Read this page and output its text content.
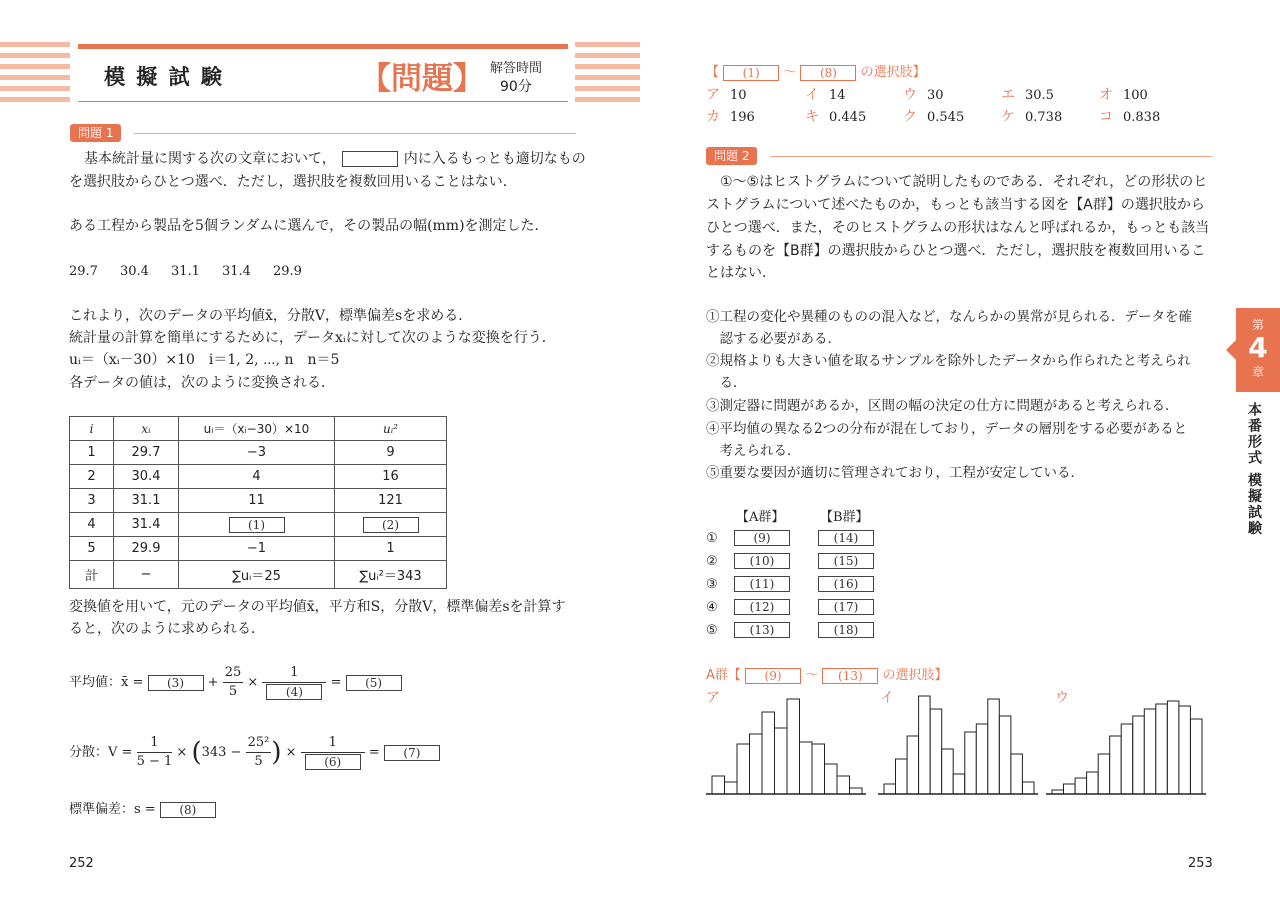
模 擬 試 験	【問題】 解答時間
90分
問題 1
基本統計量に関する次の文章において，	内に入るもっとも適切なもの
を選択肢からひとつ選べ．ただし，選択肢を複数回用いることはない．
ある工程から製品を5個ランダムに選んで，その製品の幅(mm)を測定した．
29.7 30.4 31.1 31.4 29.9
これより，次のデータの平均値x̄，分散V，標準偏差sを求める．
統計量の計算を簡単にするために，データxᵢに対して次のような変換を行う．
uᵢ＝（xᵢ－30）×10　i＝1, 2, ⋯, n　n＝5
各データの値は，次のように変換される．
i	xᵢ	uᵢ＝（xᵢ−30）×10	uᵢ²
1	29.7	−3	9
2	30.4	4	16
3	31.1	11	121
4	31.4	(1)	(2)
5	29.9	−1	1
計	−	∑uᵢ＝25	∑uᵢ²＝343
変換値を用いて，元のデータの平均値x̄，平方和S，分散V，標準偏差sを計算す
ると，次のように求められる．
平均値：x̄ = $(3) + \frac{25}{5} \times \frac{1}{(4)} = (5)$
分散：$V = \frac{1}{5 - 1} \times (343 - \frac{\text{25²}}{5}$ ) × $\frac{1}{(6)} = (7)$
標準偏差：s = (8)
252
【 (1) 〜 (8) の選択肢】
ア 10	イ 14	ウ 30	エ 30.5	オ 100
カ 196	キ 0.445	ク 0.545	ケ 0.738	コ 0.838
問題 2
①〜⑤はヒストグラムについて説明したものである．それぞれ，どの形状のヒ
ストグラムについて述べたものか，もっとも該当する図を【A群】の選択肢から
ひとつ選べ．また，そのヒストグラムの形状はなんと呼ばれるか，もっとも該当
するものを【B群】の選択肢からひとつ選べ．ただし，選択肢を複数回用いるこ
とはない．
①工程の変化や異種のものの混入など，なんらかの異常が見られる．データを確
　認する必要がある．
②規格よりも大きい値を取るサンプルを除外したデータから作られたと考えられ
　る．
③測定器に問題があるか，区間の幅の決定の仕方に問題があると考えられる．
④平均値の異なる2つの分布が混在しており，データの層別をする必要があると
　考えられる．
⑤重要な要因が適切に管理されており，工程が安定している．
【A群】	【B群】
①	(9)	(14)
②	(10)	(15)
③	(11)	(16)
④	(12)	(17)
⑤	(13)	(18)
A群【 (9) 〜 (13) の選択肢】
ア	イ	ウ
253
第
4
章
本番形式 模擬試験
